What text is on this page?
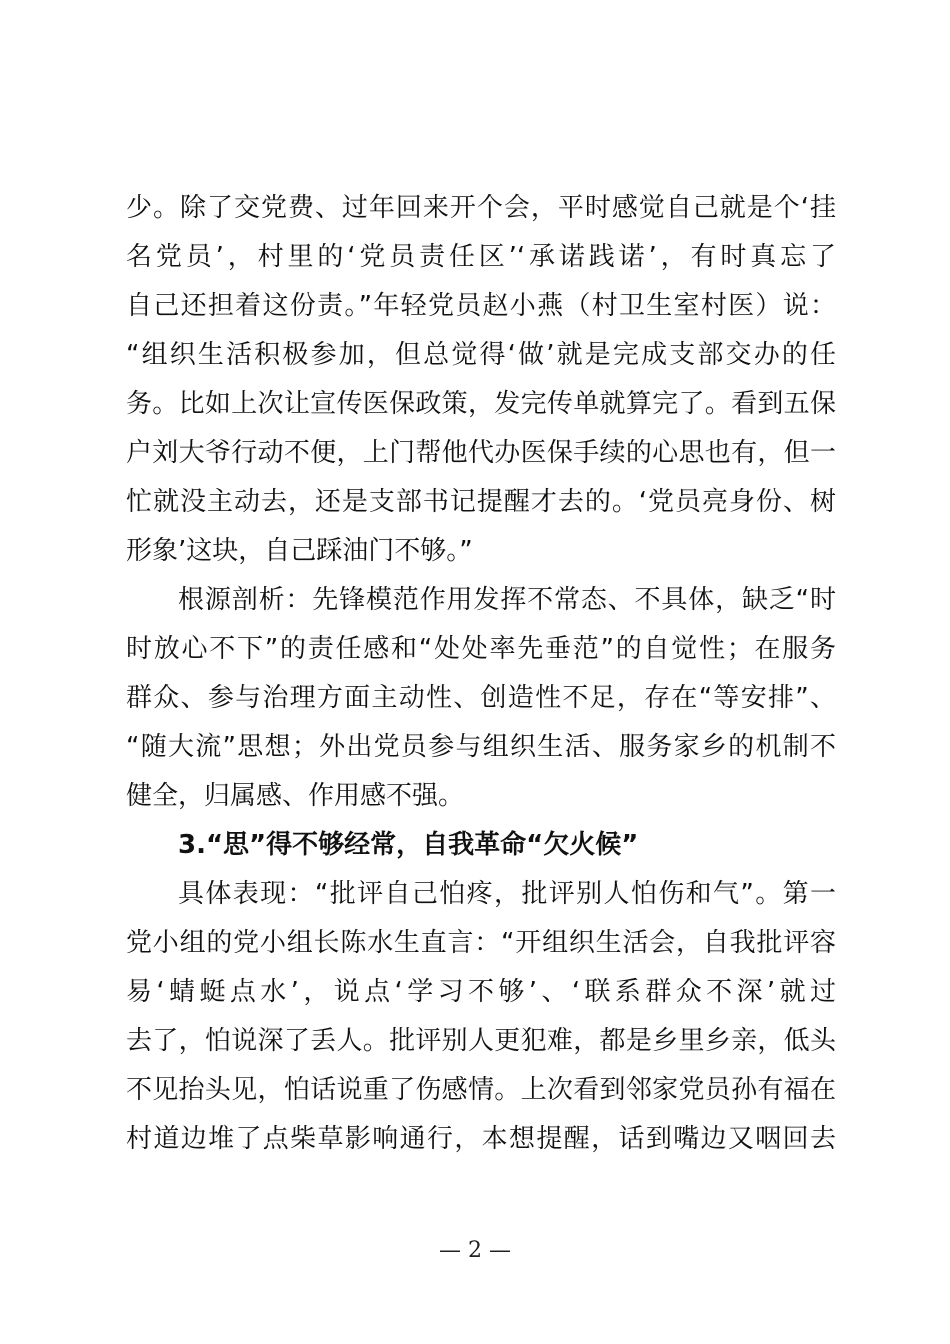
少。除了交党费、过年回来开个会，平时感觉自己就是个‘挂
名党员’，村里的‘党员责任区’‘承诺践诺’，有时真忘了
自己还担着这份责。”年轻党员赵小燕（村卫生室村医）说：
“组织生活积极参加，但总觉得‘做’就是完成支部交办的任
务。比如上次让宣传医保政策，发完传单就算完了。看到五保
户刘大爷行动不便，上门帮他代办医保手续的心思也有，但一
忙就没主动去，还是支部书记提醒才去的。‘党员亮身份、树
形象’这块，自己踩油门不够。”
根源剖析：先锋模范作用发挥不常态、不具体，缺乏“时
时放心不下”的责任感和“处处率先垂范”的自觉性；在服务
群众、参与治理方面主动性、创造性不足，存在“等安排”、
“随大流”思想；外出党员参与组织生活、服务家乡的机制不
健全，归属感、作用感不强。
3.“思”得不够经常，自我革命“欠火候”
具体表现：“批评自己怕疼，批评别人怕伤和气”。第一
党小组的党小组长陈水生直言：“开组织生活会，自我批评容
易‘蜻蜓点水’，说点‘学习不够’、‘联系群众不深’就过
去了，怕说深了丢人。批评别人更犯难，都是乡里乡亲，低头
不见抬头见，怕话说重了伤感情。上次看到邻家党员孙有福在
村道边堆了点柴草影响通行，本想提醒，话到嘴边又咽回去
— 2 —
